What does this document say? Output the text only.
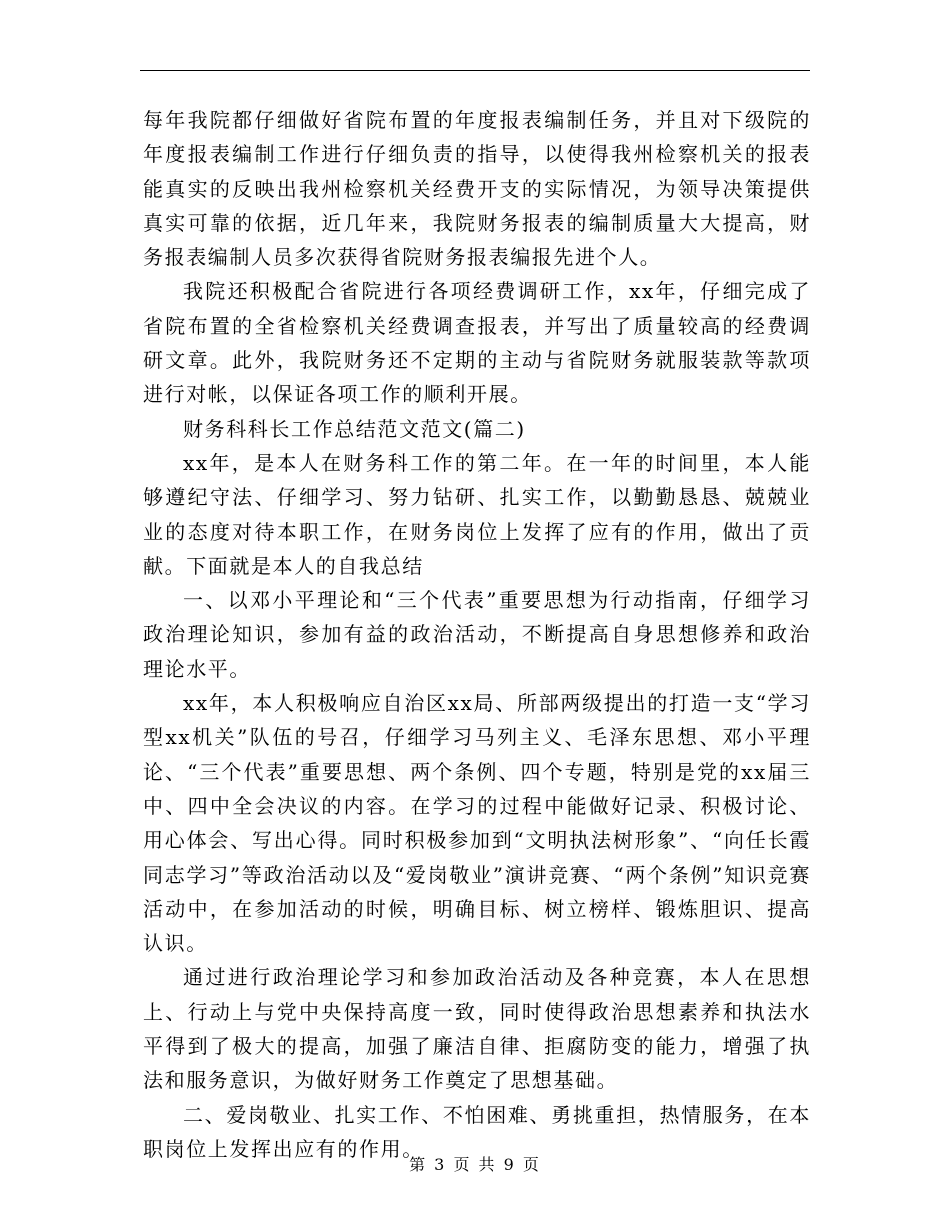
每年我院都仔细做好省院布置的年度报表编制任务，并且对下级院的年度报表编制工作进行仔细负责的指导，以使得我州检察机关的报表能真实的反映出我州检察机关经费开支的实际情况，为领导决策提供真实可靠的依据，近几年来，我院财务报表的编制质量大大提高，财务报表编制人员多次获得省院财务报表编报先进个人。

我院还积极配合省院进行各项经费调研工作，xx年，仔细完成了省院布置的全省检察机关经费调查报表，并写出了质量较高的经费调研文章。此外，我院财务还不定期的主动与省院财务就服装款等款项进行对帐，以保证各项工作的顺利开展。

财务科科长工作总结范文范文(篇二)

xx年，是本人在财务科工作的第二年。在一年的时间里，本人能够遵纪守法、仔细学习、努力钻研、扎实工作，以勤勤恳恳、兢兢业业的态度对待本职工作，在财务岗位上发挥了应有的作用，做出了贡献。下面就是本人的自我总结

一、以邓小平理论和“三个代表”重要思想为行动指南，仔细学习政治理论知识，参加有益的政治活动，不断提高自身思想修养和政治理论水平。

xx年，本人积极响应自治区xx局、所部两级提出的打造一支“学习型xx机关”队伍的号召，仔细学习马列主义、毛泽东思想、邓小平理论、“三个代表”重要思想、两个条例、四个专题，特别是党的xx届三中、四中全会决议的内容。在学习的过程中能做好记录、积极讨论、用心体会、写出心得。同时积极参加到“文明执法树形象”、“向任长霞同志学习”等政治活动以及“爱岗敬业”演讲竞赛、“两个条例”知识竞赛活动中，在参加活动的时候，明确目标、树立榜样、锻炼胆识、提高认识。

通过进行政治理论学习和参加政治活动及各种竞赛，本人在思想上、行动上与党中央保持高度一致，同时使得政治思想素养和执法水平得到了极大的提高，加强了廉洁自律、拒腐防变的能力，增强了执法和服务意识，为做好财务工作奠定了思想基础。

二、爱岗敬业、扎实工作、不怕困难、勇挑重担，热情服务，在本职岗位上发挥出应有的作用。

第 3 页 共 9 页
